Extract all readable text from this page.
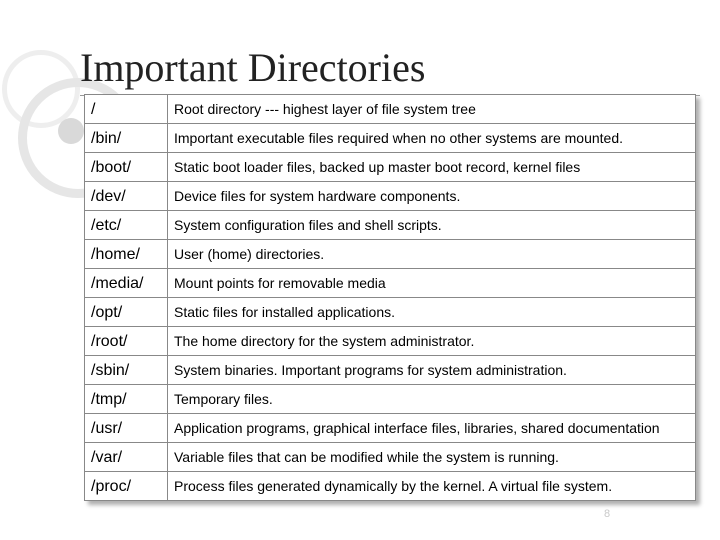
Important Directories
/	Root directory --- highest layer of file system tree
/bin/	Important executable files required when no other systems are mounted.
/boot/	Static boot loader files, backed up master boot record, kernel files
/dev/	Device files for system hardware components.
/etc/	System configuration files and shell scripts.
/home/	User (home) directories.
/media/	Mount points for removable media
/opt/	Static files for installed applications.
/root/	The home directory for the system administrator.
/sbin/	System binaries. Important programs for system administration.
/tmp/	Temporary files.
/usr/	Application programs, graphical interface files, libraries, shared documentation
/var/	Variable files that can be modified while the system is running.
/proc/	Process files generated dynamically by the kernel. A virtual file system.
8
